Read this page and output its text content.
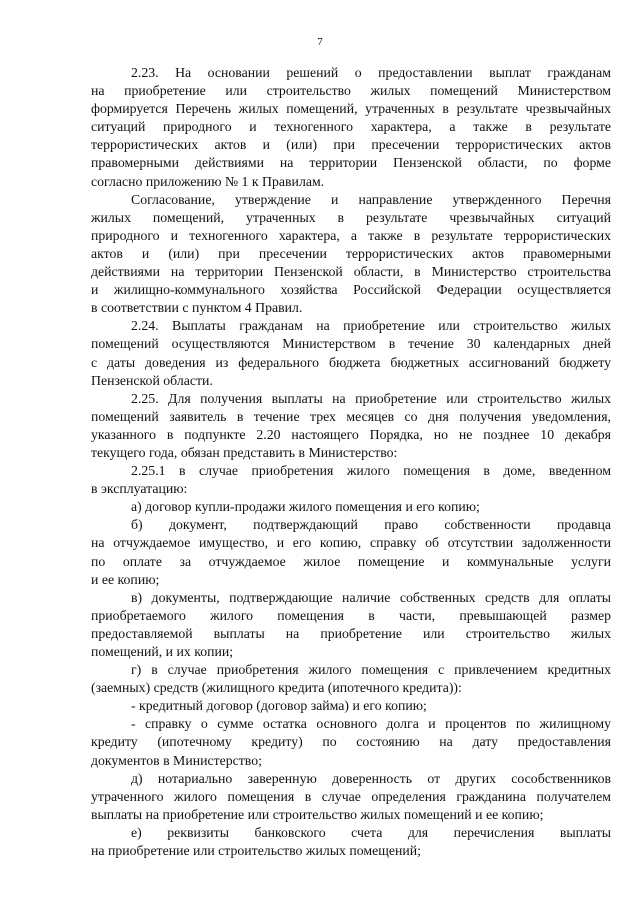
7
2.23. На основании решений о предоставлении выплат гражданам
на приобретение или строительство жилых помещений Министерством
формируется Перечень жилых помещений, утраченных в результате чрезвычайных
ситуаций природного и техногенного характера, а также в результате
террористических актов и (или) при пресечении террористических актов
правомерными действиями на территории Пензенской области, по форме
согласно приложению № 1 к Правилам.
Согласование, утверждение и направление утвержденного Перечня
жилых помещений, утраченных в результате чрезвычайных ситуаций
природного и техногенного характера, а также в результате террористических
актов и (или) при пресечении террористических актов правомерными
действиями на территории Пензенской области, в Министерство строительства
и жилищно-коммунального хозяйства Российской Федерации осуществляется
в соответствии с пунктом 4 Правил.
2.24. Выплаты гражданам на приобретение или строительство жилых
помещений осуществляются Министерством в течение 30 календарных дней
с даты доведения из федерального бюджета бюджетных ассигнований бюджету
Пензенской области.
2.25. Для получения выплаты на приобретение или строительство жилых
помещений заявитель в течение трех месяцев со дня получения уведомления,
указанного в подпункте 2.20 настоящего Порядка, но не позднее 10 декабря
текущего года, обязан представить в Министерство:
2.25.1 в случае приобретения жилого помещения в доме, введенном
в эксплуатацию:
а) договор купли-продажи жилого помещения и его копию;
б) документ, подтверждающий право собственности продавца
на отчуждаемое имущество, и его копию, справку об отсутствии задолженности
по оплате за отчуждаемое жилое помещение и коммунальные услуги
и ее копию;
в) документы, подтверждающие наличие собственных средств для оплаты
приобретаемого жилого помещения в части, превышающей размер
предоставляемой выплаты на приобретение или строительство жилых
помещений, и их копии;
г) в случае приобретения жилого помещения с привлечением кредитных
(заемных) средств (жилищного кредита (ипотечного кредита)):
- кредитный договор (договор займа) и его копию;
- справку о сумме остатка основного долга и процентов по жилищному
кредиту (ипотечному кредиту) по состоянию на дату предоставления
документов в Министерство;
д) нотариально заверенную доверенность от других сособственников
утраченного жилого помещения в случае определения гражданина получателем
выплаты на приобретение или строительство жилых помещений и ее копию;
е) реквизиты банковского счета для перечисления выплаты
на приобретение или строительство жилых помещений;
